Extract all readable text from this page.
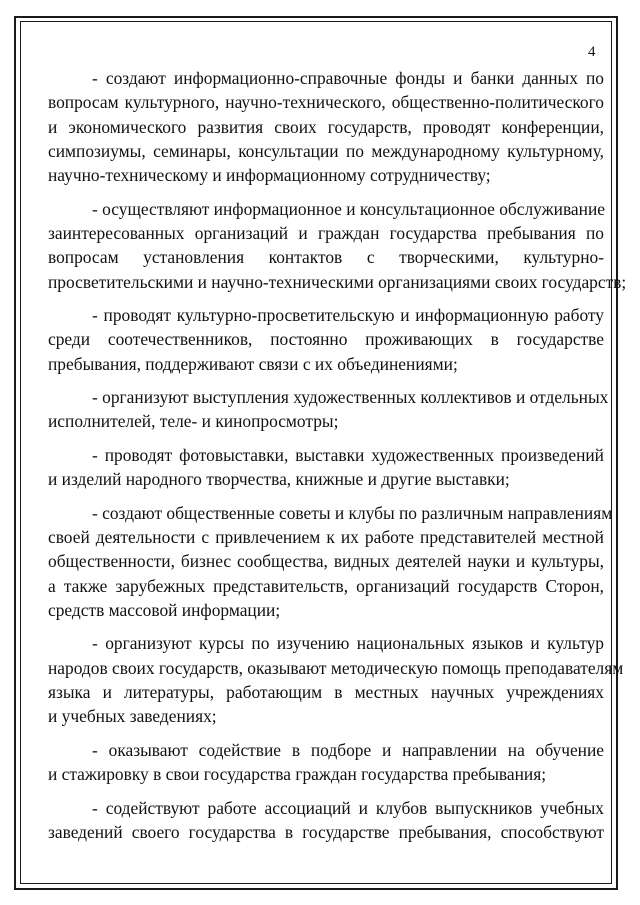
4

- создают информационно-справочные фонды и банки данных по
вопросам культурного, научно-технического, общественно-политического
и экономического развития своих государств, проводят конференции,
симпозиумы, семинары, консультации по международному культурному,
научно-техническому и информационному сотрудничеству;

- осуществляют информационное и консультационное обслуживание
заинтересованных организаций и граждан государства пребывания по
вопросам установления контактов с творческими, культурно-
просветительскими и научно-техническими организациями своих государств;

- проводят культурно-просветительскую и информационную работу
среди соотечественников, постоянно проживающих в государстве
пребывания, поддерживают связи с их объединениями;

- организуют выступления художественных коллективов и отдельных
исполнителей, теле- и кинопросмотры;

- проводят фотовыставки, выставки художественных произведений
и изделий народного творчества, книжные и другие выставки;

- создают общественные советы и клубы по различным направлениям
своей деятельности с привлечением к их работе представителей местной
общественности, бизнес сообщества, видных деятелей науки и культуры,
а также зарубежных представительств, организаций государств Сторон,
средств массовой информации;

- организуют курсы по изучению национальных языков и культур
народов своих государств, оказывают методическую помощь преподавателям
языка и литературы, работающим в местных научных учреждениях
и учебных заведениях;

- оказывают содействие в подборе и направлении на обучение
и стажировку в свои государства граждан государства пребывания;

- содействуют работе ассоциаций и клубов выпускников учебных
заведений своего государства в государстве пребывания, способствуют
